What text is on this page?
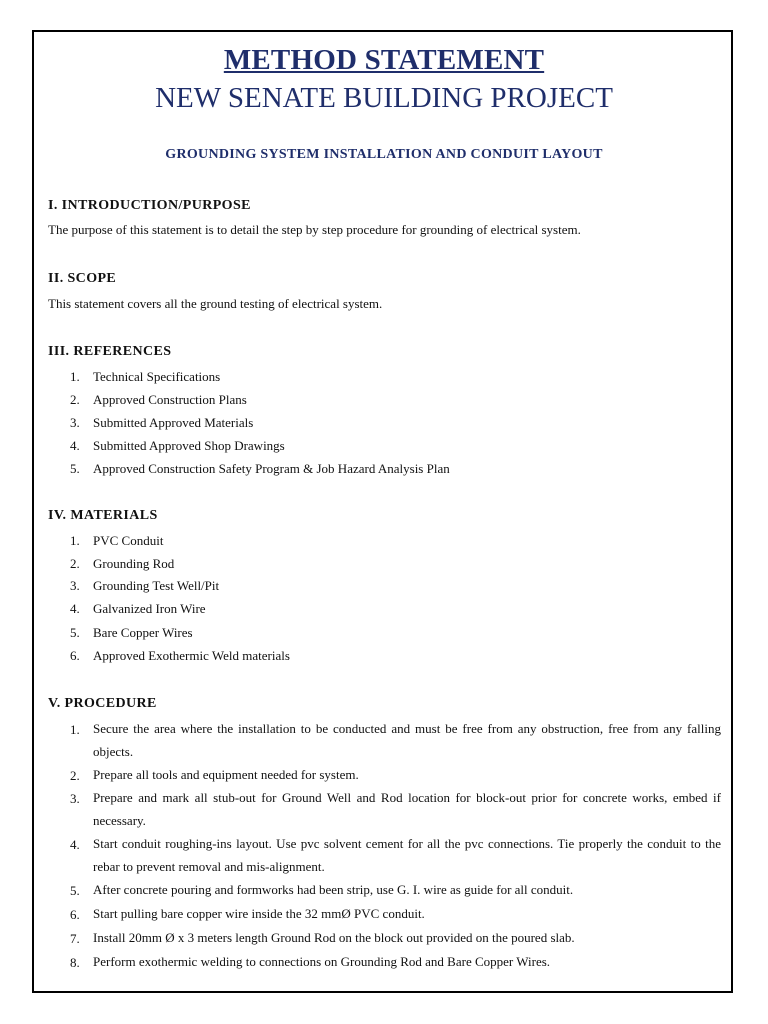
METHOD STATEMENT
NEW SENATE BUILDING PROJECT
GROUNDING SYSTEM INSTALLATION AND CONDUIT LAYOUT
I. INTRODUCTION/PURPOSE
The purpose of this statement is to detail the step by step procedure for grounding of electrical system.
II. SCOPE
This statement covers all the ground testing of electrical system.
III. REFERENCES
1. Technical Specifications
2. Approved Construction Plans
3. Submitted Approved Materials
4. Submitted Approved Shop Drawings
5. Approved Construction Safety Program & Job Hazard Analysis Plan
IV. MATERIALS
1. PVC Conduit
2. Grounding Rod
3. Grounding Test Well/Pit
4. Galvanized Iron Wire
5. Bare Copper Wires
6. Approved Exothermic Weld materials
V. PROCEDURE
1. Secure the area where the installation to be conducted and must be free from any obstruction, free from any falling objects.
2. Prepare all tools and equipment needed for system.
3. Prepare and mark all stub-out for Ground Well and Rod location for block-out prior for concrete works, embed if necessary.
4. Start conduit roughing-ins layout. Use pvc solvent cement for all the pvc connections. Tie properly the conduit to the rebar to prevent removal and mis-alignment.
5. After concrete pouring and formworks had been strip, use G. I. wire as guide for all conduit.
6. Start pulling bare copper wire inside the 32 mmØ PVC conduit.
7. Install 20mm Ø x 3 meters length Ground Rod on the block out provided on the poured slab.
8. Perform exothermic welding to connections on Grounding Rod and Bare Copper Wires.
